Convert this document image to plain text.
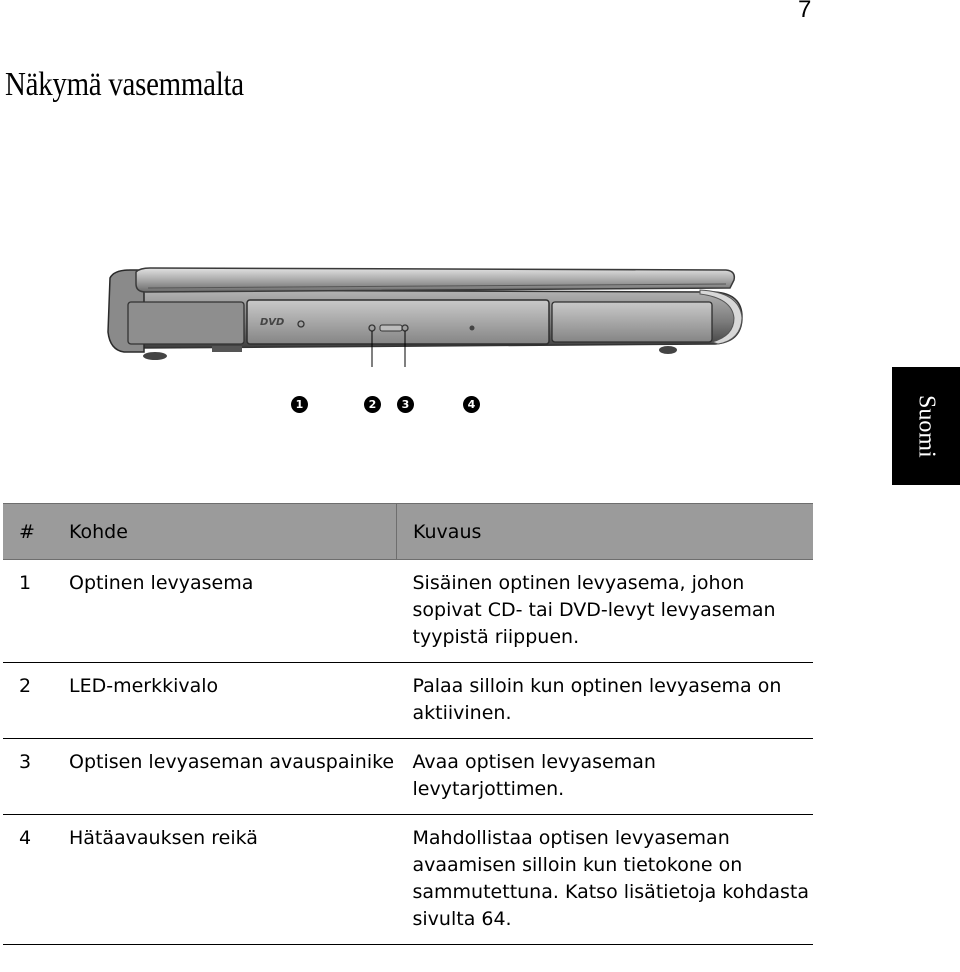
7
Näkymä vasemmalta
Suomi
DVD
1	2	3	4
#	Kohde	Kuvaus
1	Optinen levyasema	Sisäinen optinen levyasema, johon sopivat CD- tai DVD-levyt levyaseman tyypistä riippuen.
2	LED-merkkivalo	Palaa silloin kun optinen levyasema on aktiivinen.
3	Optisen levyaseman avauspainike	Avaa optisen levyaseman levytarjottimen.
4	Hätäavauksen reikä	Mahdollistaa optisen levyaseman avaamisen silloin kun tietokone on sammutettuna. Katso lisätietoja kohdasta sivulta 64.
